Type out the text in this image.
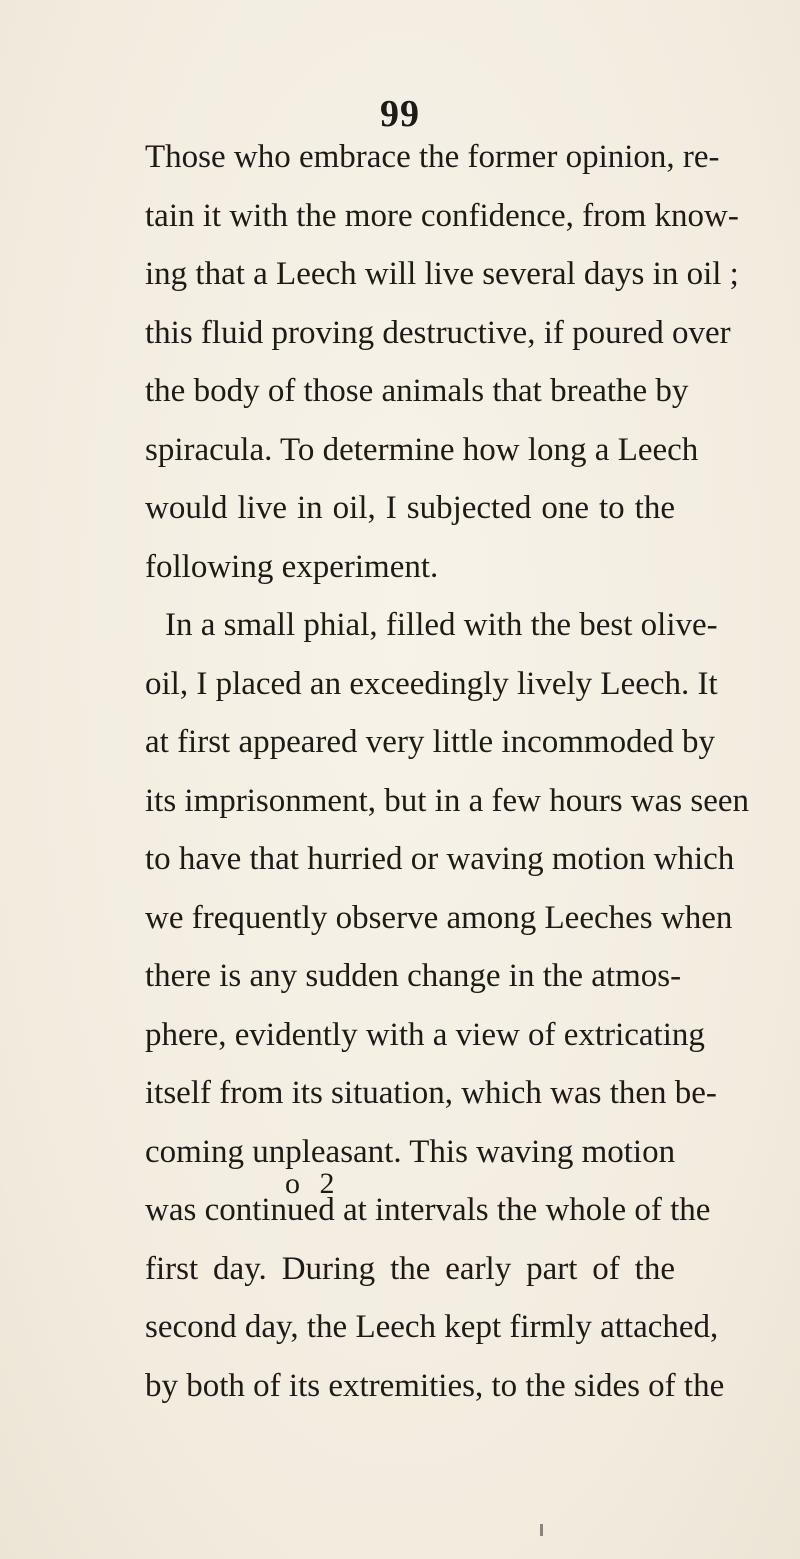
99
Those who embrace the former opinion, re-
tain it with the more confidence, from know-
ing that a Leech will live several days in oil ;
this fluid proving destructive, if poured over
the body of those animals that breathe by
spiracula. To determine how long a Leech
would live in oil, I subjected one to the
following experiment.
In a small phial, filled with the best olive-
oil, I placed an exceedingly lively Leech. It
at first appeared very little incommoded by
its imprisonment, but in a few hours was seen
to have that hurried or waving motion which
we frequently observe among Leeches when
there is any sudden change in the atmos-
phere, evidently with a view of extricating
itself from its situation, which was then be-
coming unpleasant. This waving motion
was continued at intervals the whole of the
first day. During the early part of the
second day, the Leech kept firmly attached,
by both of its extremities, to the sides of the
o 2
